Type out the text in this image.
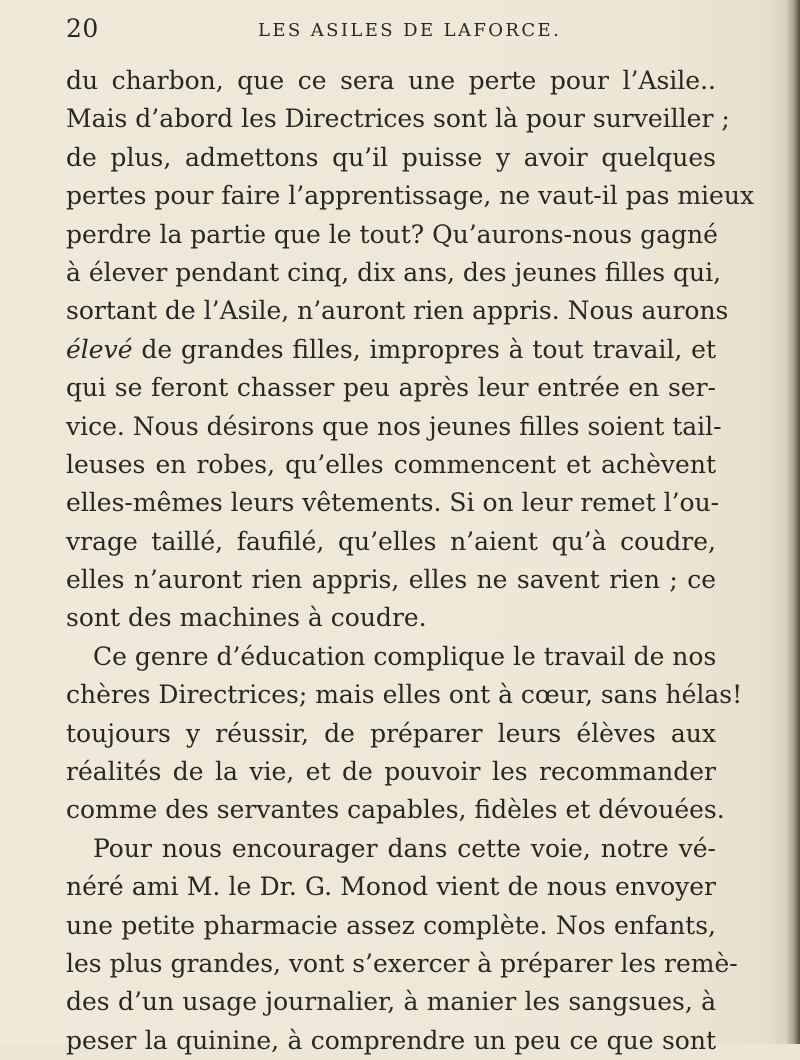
20	LES ASILES DE LAFORCE.
du charbon, que ce sera une perte pour l’Asile..
Mais d’abord les Directrices sont là pour surveiller ;
de plus, admettons qu’il puisse y avoir quelques
pertes pour faire l’apprentissage, ne vaut-il pas mieux
perdre la partie que le tout? Qu’aurons-nous gagné
à élever pendant cinq, dix ans, des jeunes filles qui,
sortant de l’Asile, n’auront rien appris. Nous aurons
élevé de grandes filles, impropres à tout travail, et
qui se feront chasser peu après leur entrée en ser-
vice. Nous désirons que nos jeunes filles soient tail-
leuses en robes, qu’elles commencent et achèvent
elles-mêmes leurs vêtements. Si on leur remet l’ou-
vrage taillé, faufilé, qu’elles n’aient qu’à coudre,
elles n’auront rien appris, elles ne savent rien ; ce
sont des machines à coudre.
Ce genre d’éducation complique le travail de nos
chères Directrices; mais elles ont à cœur, sans hélas!
toujours y réussir, de préparer leurs élèves aux
réalités de la vie, et de pouvoir les recommander
comme des servantes capables, fidèles et dévouées.
Pour nous encourager dans cette voie, notre vé-
néré ami M. le Dr. G. Monod vient de nous envoyer
une petite pharmacie assez complète. Nos enfants,
les plus grandes, vont s’exercer à préparer les remè-
des d’un usage journalier, à manier les sangsues, à
peser la quinine, à comprendre un peu ce que sont
